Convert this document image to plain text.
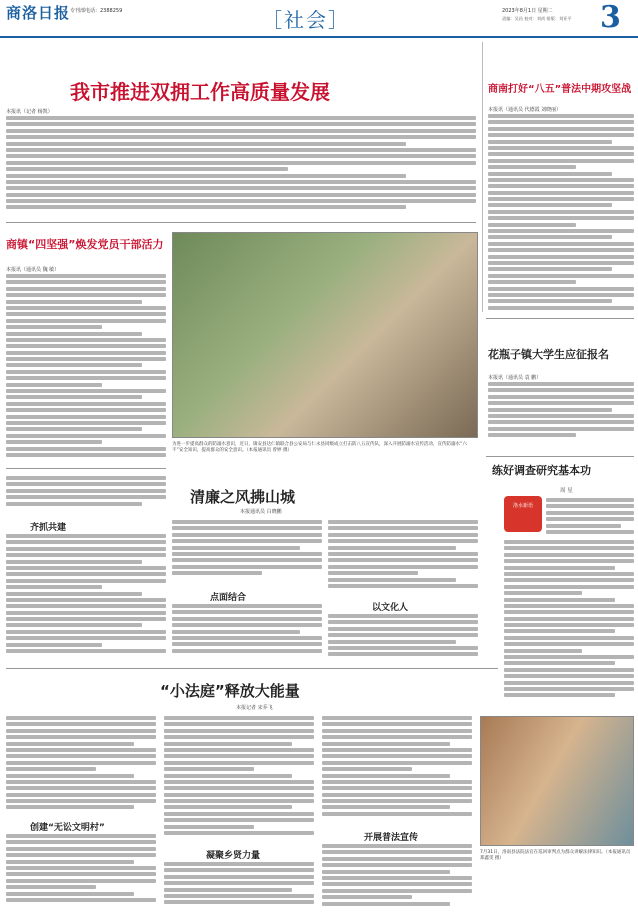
商洛日报 专刊部电话：2388259	［社会］	2023年8月1日 星期二
责编：吴昌 校对：刘尚 排版：刘亚平 3
我市推进双拥工作高质量发展
本报讯（记者 杨凯）
商南打好“八五”普法中期攻坚战
本报讯（通讯员 代德霞 刘晓丽）
商镇“四坚强”焕发党员干部活力
本报讯（通讯员 魏 敏）
为进一步提高群众的防溺水意识，近日，镇安县达仁镇联合县公安局与仁永县同级成立打击防八五宣传队，深入开展防溺水宣传活动，宣传防溺水“六不”安全知识，提高群众的安全意识。（本报通讯员 曾婷 摄）
花瓶子镇大学生应征报名
本报讯（通讯员 袁 鹏）
练好调查研究基本功
周 星
洛水新语
齐抓共建
清廉之风拂山城
本报通讯员 白晓鹏
点面结合
以文化人
“小法庭”释放大能量
本报记者 宋乔飞
创建“无讼文明村”
凝聚乡贤力量
开展普法宣传
7月31日，洛南县法院法官在巡回审判点为群众讲解法律知识。（本报通讯员 郑鑫雯 摄）
